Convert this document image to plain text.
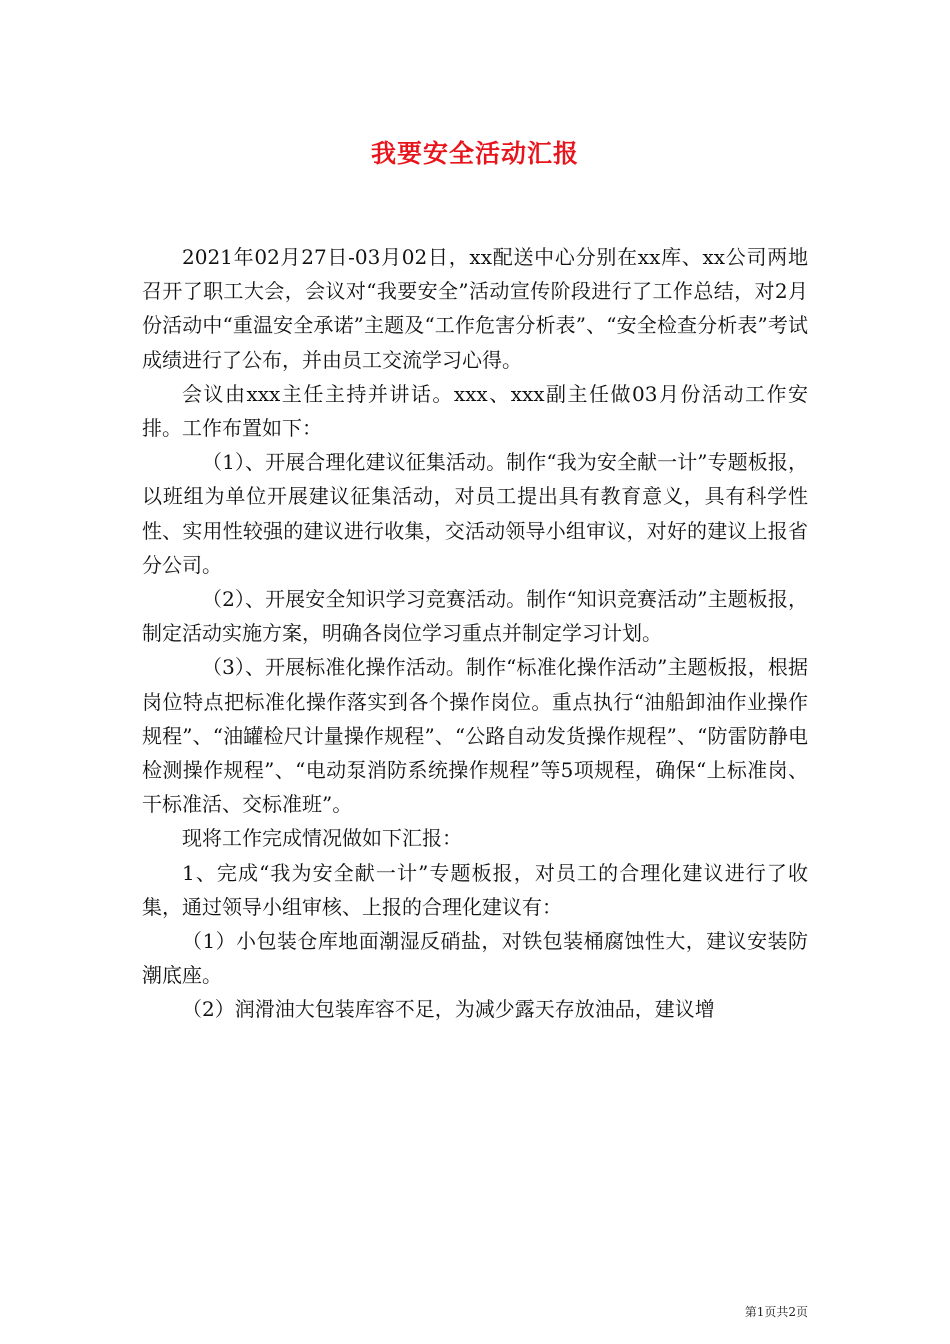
我要安全活动汇报

2021年02月27日-03月02日，xx配送中心分别在xx库、xx公司两地召开了职工大会，会议对“我要安全”活动宣传阶段进行了工作总结，对2月份活动中“重温安全承诺”主题及“工作危害分析表”、“安全检查分析表”考试成绩进行了公布，并由员工交流学习心得。

会议由xxx主任主持并讲话。xxx、xxx副主任做03月份活动工作安排。工作布置如下：

（1）、开展合理化建议征集活动。制作“我为安全献一计”专题板报，以班组为单位开展建议征集活动，对员工提出具有教育意义，具有科学性性、实用性较强的建议进行收集，交活动领导小组审议，对好的建议上报省分公司。

（2）、开展安全知识学习竞赛活动。制作“知识竞赛活动”主题板报，制定活动实施方案，明确各岗位学习重点并制定学习计划。

（3）、开展标准化操作活动。制作“标准化操作活动”主题板报，根据岗位特点把标准化操作落实到各个操作岗位。重点执行“油船卸油作业操作规程”、“油罐检尺计量操作规程”、“公路自动发货操作规程”、“防雷防静电检测操作规程”、“电动泵消防系统操作规程”等5项规程，确保“上标准岗、干标准活、交标准班”。

现将工作完成情况做如下汇报：

1、完成“我为安全献一计”专题板报，对员工的合理化建议进行了收集，通过领导小组审核、上报的合理化建议有：

（1）小包装仓库地面潮湿反硝盐，对铁包装桶腐蚀性大，建议安装防潮底座。

（2）润滑油大包装库容不足，为减少露天存放油品，建议增

第1页共2页
